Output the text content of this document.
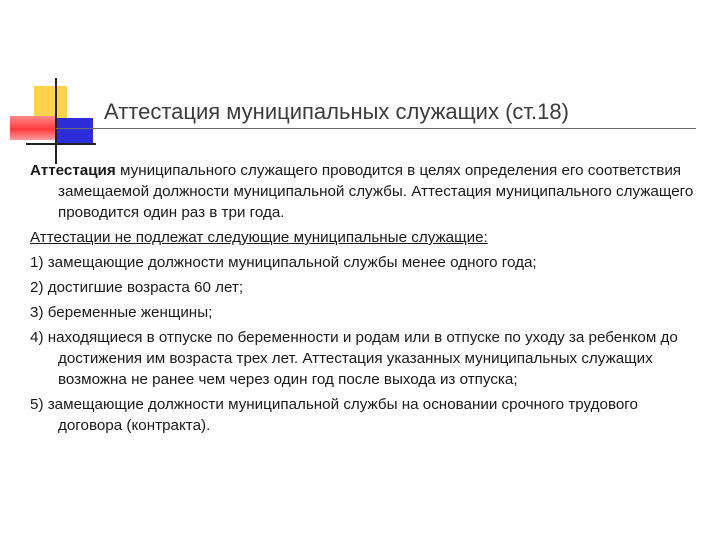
Аттестация муниципальных служащих (ст.18)

Аттестация муниципального служащего проводится в целях определения его соответствия замещаемой должности муниципальной службы. Аттестация муниципального служащего проводится один раз в три года.

Аттестации не подлежат следующие муниципальные служащие:

1) замещающие должности муниципальной службы менее одного года;

2) достигшие возраста 60 лет;

3) беременные женщины;

4) находящиеся в отпуске по беременности и родам или в отпуске по уходу за ребенком до достижения им возраста трех лет. Аттестация указанных муниципальных служащих возможна не ранее чем через один год после выхода из отпуска;

5) замещающие должности муниципальной службы на основании срочного трудового договора (контракта).
